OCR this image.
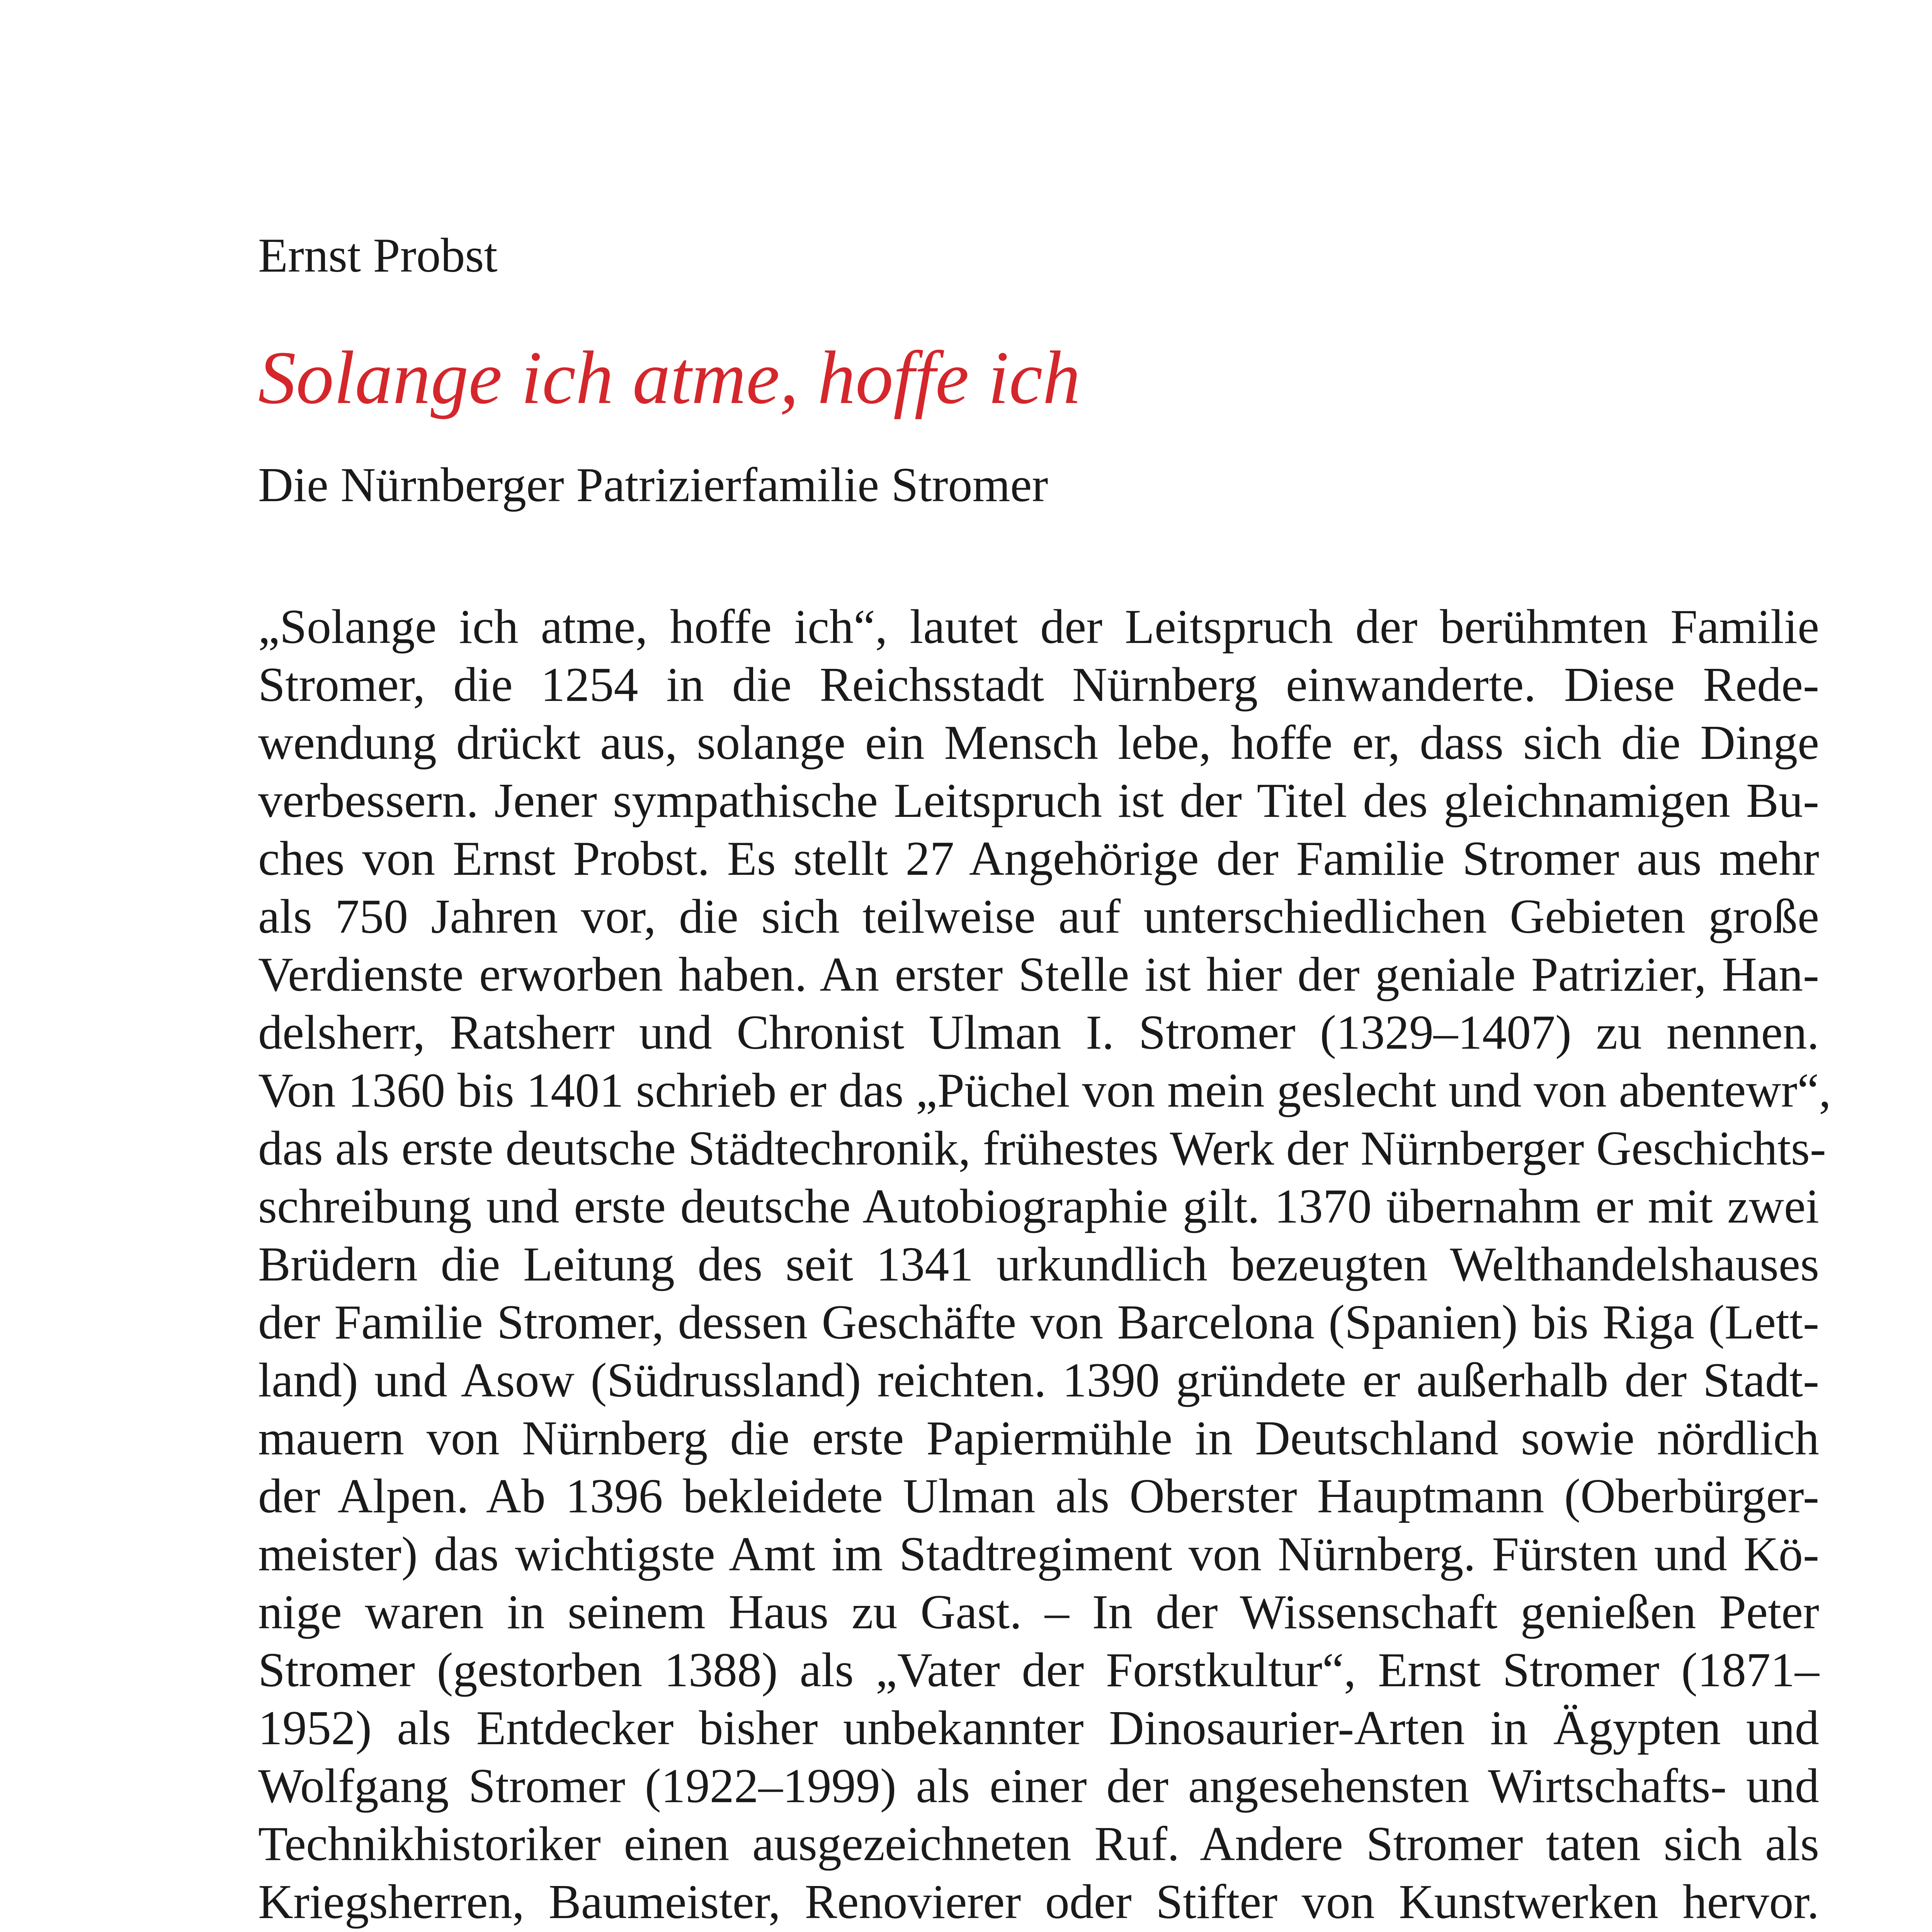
Ernst Probst
Solange ich atme, hoffe ich
Die Nürnberger Patrizierfamilie Stromer
„Solange ich atme, hoffe ich“, lautet der Leitspruch der berühmten Familie
Stromer, die 1254 in die Reichsstadt Nürnberg einwanderte. Diese Rede-
wendung drückt aus, solange ein Mensch lebe, hoffe er, dass sich die Dinge
verbessern. Jener sympathische Leitspruch ist der Titel des gleichnamigen Bu-
ches von Ernst Probst. Es stellt 27 Angehörige der Familie Stromer aus mehr
als 750 Jahren vor, die sich teilweise auf unterschiedlichen Gebieten große
Verdienste erworben haben. An erster Stelle ist hier der geniale Patrizier, Han-
delsherr, Ratsherr und Chronist Ulman I. Stromer (1329–1407) zu nennen.
Von 1360 bis 1401 schrieb er das „Püchel von mein geslecht und von abentewr“,
das als erste deutsche Städtechronik, frühestes Werk der Nürnberger Geschichts-
schreibung und erste deutsche Autobiographie gilt. 1370 übernahm er mit zwei
Brüdern die Leitung des seit 1341 urkundlich bezeugten Welthandelshauses
der Familie Stromer, dessen Geschäfte von Barcelona (Spanien) bis Riga (Lett-
land) und Asow (Südrussland) reichten. 1390 gründete er außerhalb der Stadt-
mauern von Nürnberg die erste Papiermühle in Deutschland sowie nördlich
der Alpen. Ab 1396 bekleidete Ulman als Oberster Hauptmann (Oberbürger-
meister) das wichtigste Amt im Stadtregiment von Nürnberg. Fürsten und Kö-
nige waren in seinem Haus zu Gast. – In der Wissenschaft genießen Peter
Stromer (gestorben 1388) als „Vater der Forstkultur“, Ernst Stromer (1871–
1952) als Entdecker bisher unbekannter Dinosaurier-Arten in Ägypten und
Wolfgang Stromer (1922–1999) als einer der angesehensten Wirtschafts- und
Technikhistoriker einen ausgezeichneten Ruf. Andere Stromer taten sich als
Kriegsherren, Baumeister, Renovierer oder Stifter von Kunstwerken hervor.
